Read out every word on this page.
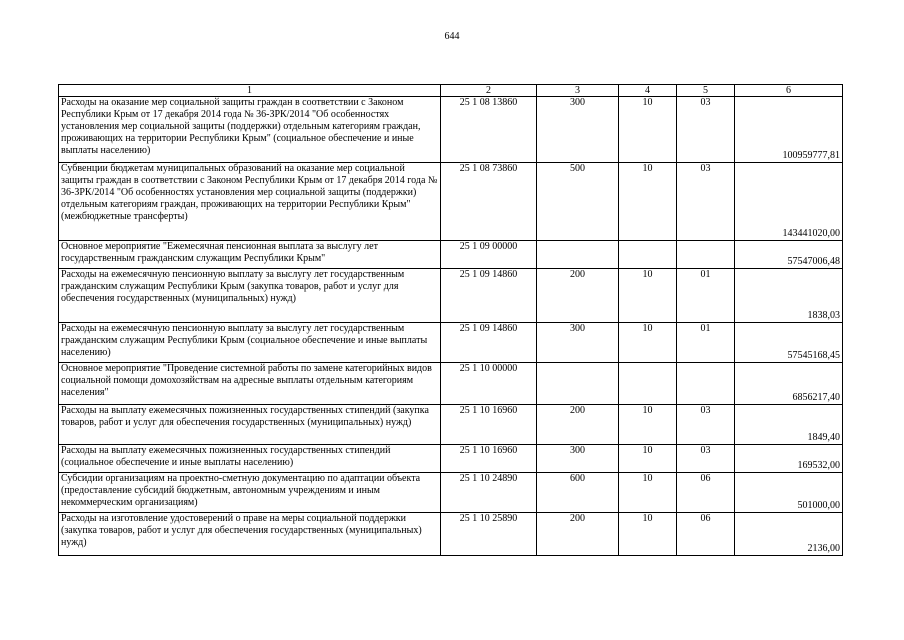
644
1	2	3	4	5	6
Расходы на оказание мер социальной защиты граждан в соответствии с Законом Республики Крым от 17 декабря 2014 года № 36-ЗРК/2014 "Об особенностях установления мер социальной защиты (поддержки) отдельным категориям граждан, проживающих на территории Республики Крым" (социальное обеспечение и иные выплаты населению)	25 1 08 13860	300	10	03	100959777,81
Субвенции бюджетам муниципальных образований на оказание мер социальной защиты граждан в соответствии с Законом Республики Крым от 17 декабря 2014 года № 36-ЗРК/2014 "Об особенностях установления мер социальной защиты (поддержки) отдельным категориям граждан, проживающих на территории Республики Крым" (межбюджетные трансферты)	25 1 08 73860	500	10	03	143441020,00
Основное мероприятие "Ежемесячная пенсионная выплата за выслугу лет государственным гражданским служащим Республики Крым"	25 1 09 00000				57547006,48
Расходы на ежемесячную пенсионную выплату за выслугу лет государственным гражданским служащим Республики Крым (закупка товаров, работ и услуг для обеспечения государственных (муниципальных) нужд)	25 1 09 14860	200	10	01	1838,03
Расходы на ежемесячную пенсионную выплату за выслугу лет государственным гражданским служащим Республики Крым (социальное обеспечение и иные выплаты населению)	25 1 09 14860	300	10	01	57545168,45
Основное мероприятие "Проведение системной работы по замене категорийных видов социальной помощи домохозяйствам на адресные выплаты отдельным категориям населения"	25 1 10 00000				6856217,40
Расходы на выплату ежемесячных пожизненных государственных стипендий (закупка товаров, работ и услуг для обеспечения государственных (муниципальных) нужд)	25 1 10 16960	200	10	03	1849,40
Расходы на выплату ежемесячных пожизненных государственных стипендий (социальное обеспечение и иные выплаты населению)	25 1 10 16960	300	10	03	169532,00
Субсидии организациям на проектно-сметную документацию по адаптации объекта (предоставление субсидий бюджетным, автономным учреждениям и иным некоммерческим организациям)	25 1 10 24890	600	10	06	501000,00
Расходы на изготовление удостоверений о праве на меры социальной поддержки (закупка товаров, работ и услуг для обеспечения государственных (муниципальных) нужд)	25 1 10 25890	200	10	06	2136,00
